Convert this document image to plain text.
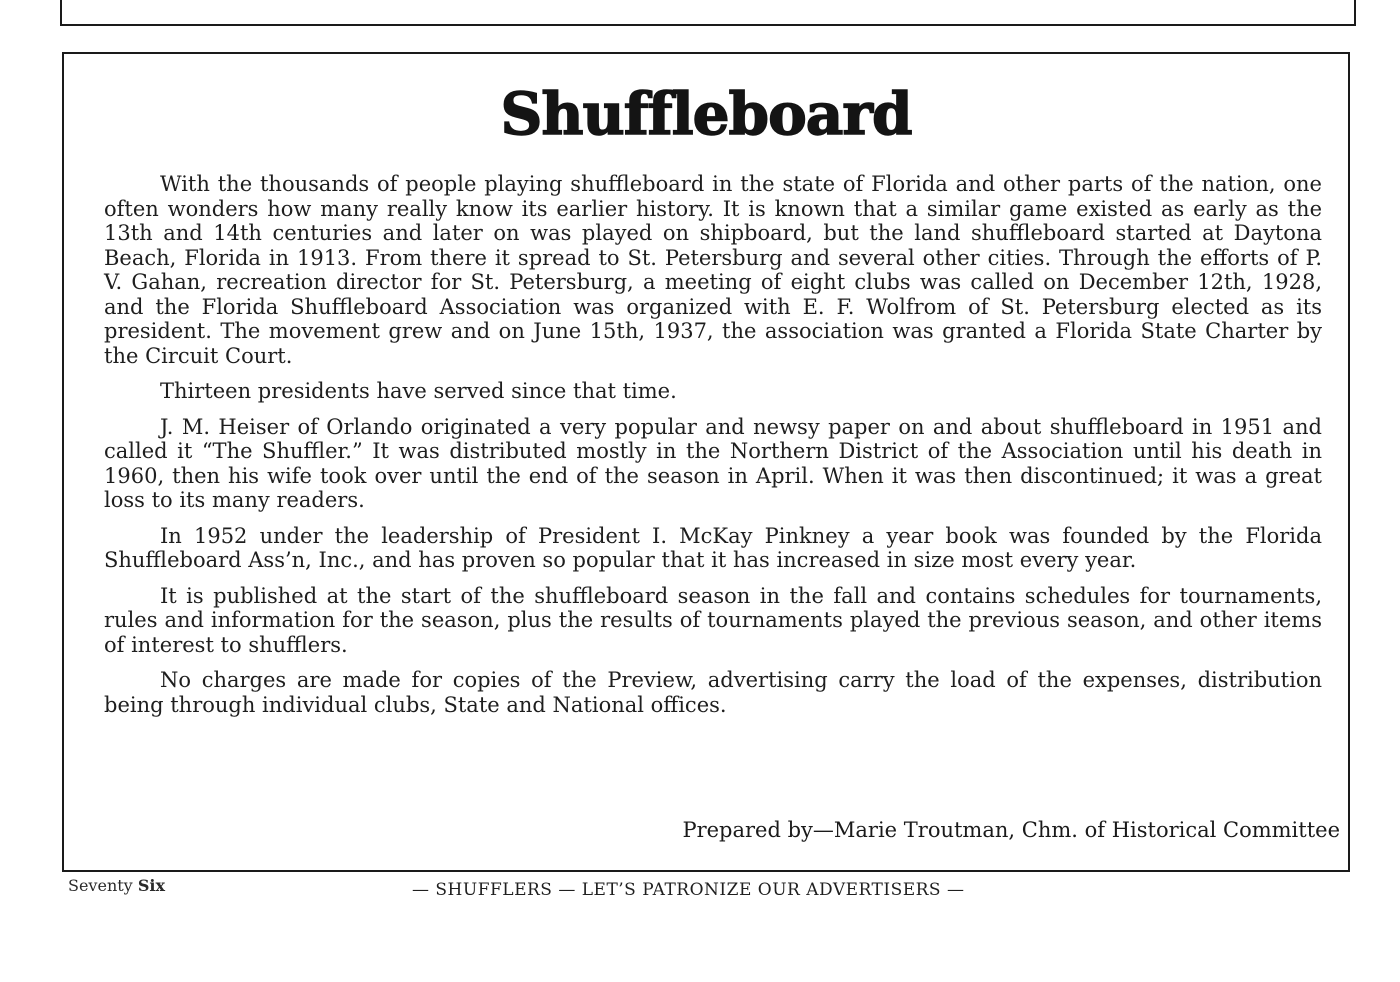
Shuffleboard

With the thousands of people playing shuffleboard in the state of Florida and other parts of the nation, one often wonders how many really know its earlier history. It is known that a similar game existed as early as the 13th and 14th centuries and later on was played on shipboard, but the land shuffleboard started at Daytona Beach, Florida in 1913. From there it spread to St. Petersburg and several other cities. Through the efforts of P. V. Gahan, recreation director for St. Petersburg, a meeting of eight clubs was called on December 12th, 1928, and the Florida Shuffleboard Association was organized with E. F. Wolfrom of St. Petersburg elected as its president. The movement grew and on June 15th, 1937, the association was granted a Florida State Charter by the Circuit Court.

Thirteen presidents have served since that time.

J. M. Heiser of Orlando originated a very popular and newsy paper on and about shuffleboard in 1951 and called it “The Shuffler.” It was distributed mostly in the Northern District of the Association until his death in 1960, then his wife took over until the end of the season in April. When it was then discontinued; it was a great loss to its many readers.

In 1952 under the leadership of President I. McKay Pinkney a year book was founded by the Florida Shuffleboard Ass’n, Inc., and has proven so popular that it has increased in size most every year.

It is published at the start of the shuffleboard season in the fall and contains schedules for tournaments, rules and information for the season, plus the results of tournaments played the previous season, and other items of interest to shufflers.

No charges are made for copies of the Preview, advertising carry the load of the expenses, distribution being through individual clubs, State and National offices.

Prepared by—Marie Troutman, Chm. of Historical Committee
Seventy Six	— SHUFFLERS — LET’S PATRONIZE OUR ADVERTISERS —
